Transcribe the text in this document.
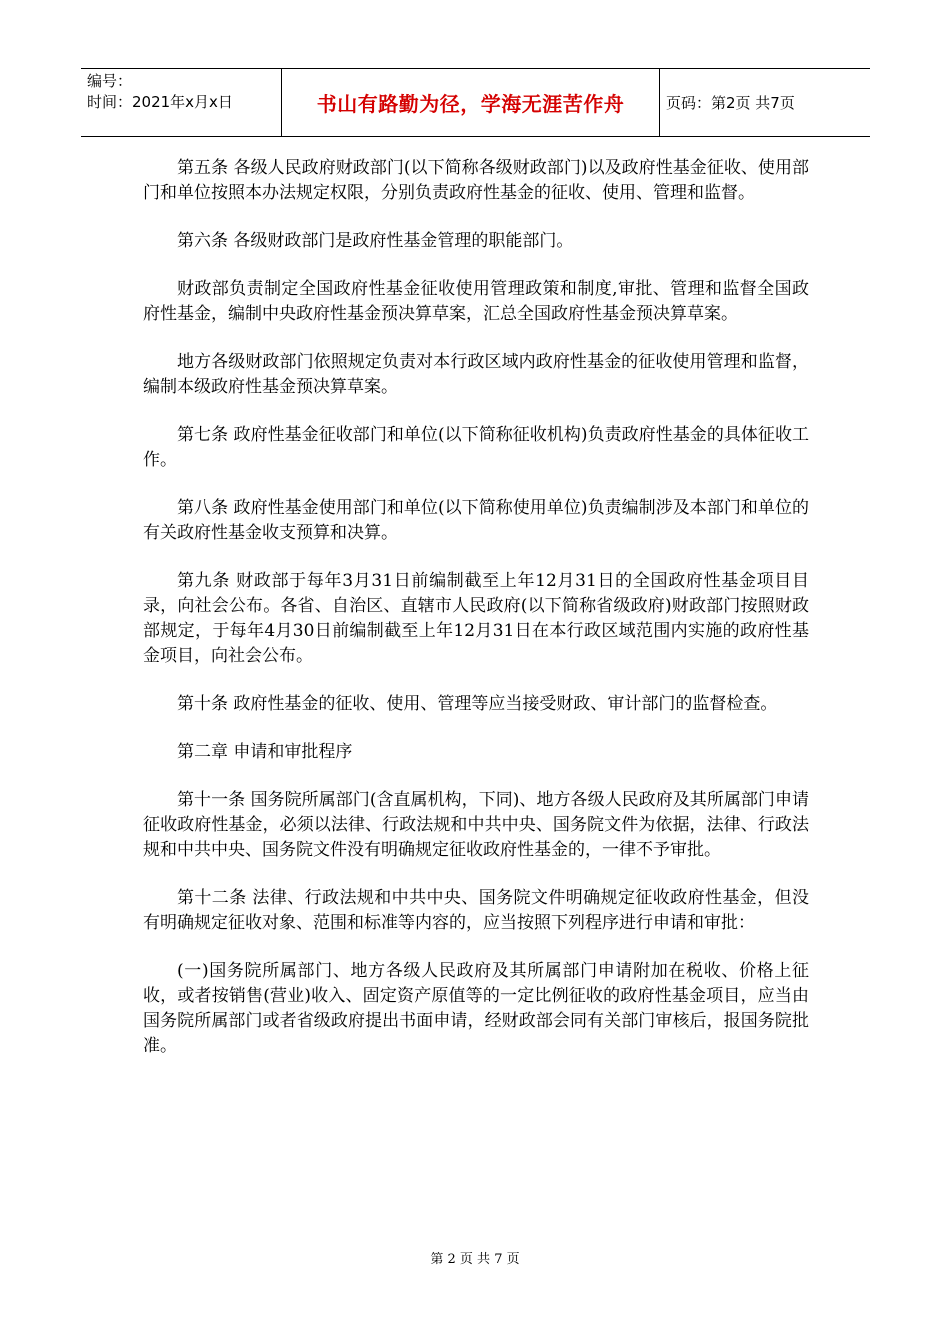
编号：
时间：2021年x月x日	书山有路勤为径，学海无涯苦作舟	页码：第2页 共7页

第五条 各级人民政府财政部门(以下简称各级财政部门)以及政府性基金征收、使用部门和单位按照本办法规定权限，分别负责政府性基金的征收、使用、管理和监督。

第六条 各级财政部门是政府性基金管理的职能部门。

财政部负责制定全国政府性基金征收使用管理政策和制度,审批、管理和监督全国政府性基金，编制中央政府性基金预决算草案，汇总全国政府性基金预决算草案。

地方各级财政部门依照规定负责对本行政区域内政府性基金的征收使用管理和监督，编制本级政府性基金预决算草案。

第七条 政府性基金征收部门和单位(以下简称征收机构)负责政府性基金的具体征收工作。

第八条 政府性基金使用部门和单位(以下简称使用单位)负责编制涉及本部门和单位的有关政府性基金收支预算和决算。

第九条 财政部于每年3月31日前编制截至上年12月31日的全国政府性基金项目目录，向社会公布。各省、自治区、直辖市人民政府(以下简称省级政府)财政部门按照财政部规定，于每年4月30日前编制截至上年12月31日在本行政区域范围内实施的政府性基金项目，向社会公布。

第十条 政府性基金的征收、使用、管理等应当接受财政、审计部门的监督检查。

第二章 申请和审批程序

第十一条 国务院所属部门(含直属机构，下同)、地方各级人民政府及其所属部门申请征收政府性基金，必须以法律、行政法规和中共中央、国务院文件为依据，法律、行政法规和中共中央、国务院文件没有明确规定征收政府性基金的，一律不予审批。

第十二条 法律、行政法规和中共中央、国务院文件明确规定征收政府性基金，但没有明确规定征收对象、范围和标准等内容的，应当按照下列程序进行申请和审批：

(一)国务院所属部门、地方各级人民政府及其所属部门申请附加在税收、价格上征收，或者按销售(营业)收入、固定资产原值等的一定比例征收的政府性基金项目，应当由国务院所属部门或者省级政府提出书面申请，经财政部会同有关部门审核后，报国务院批准。

第 2 页 共 7 页
